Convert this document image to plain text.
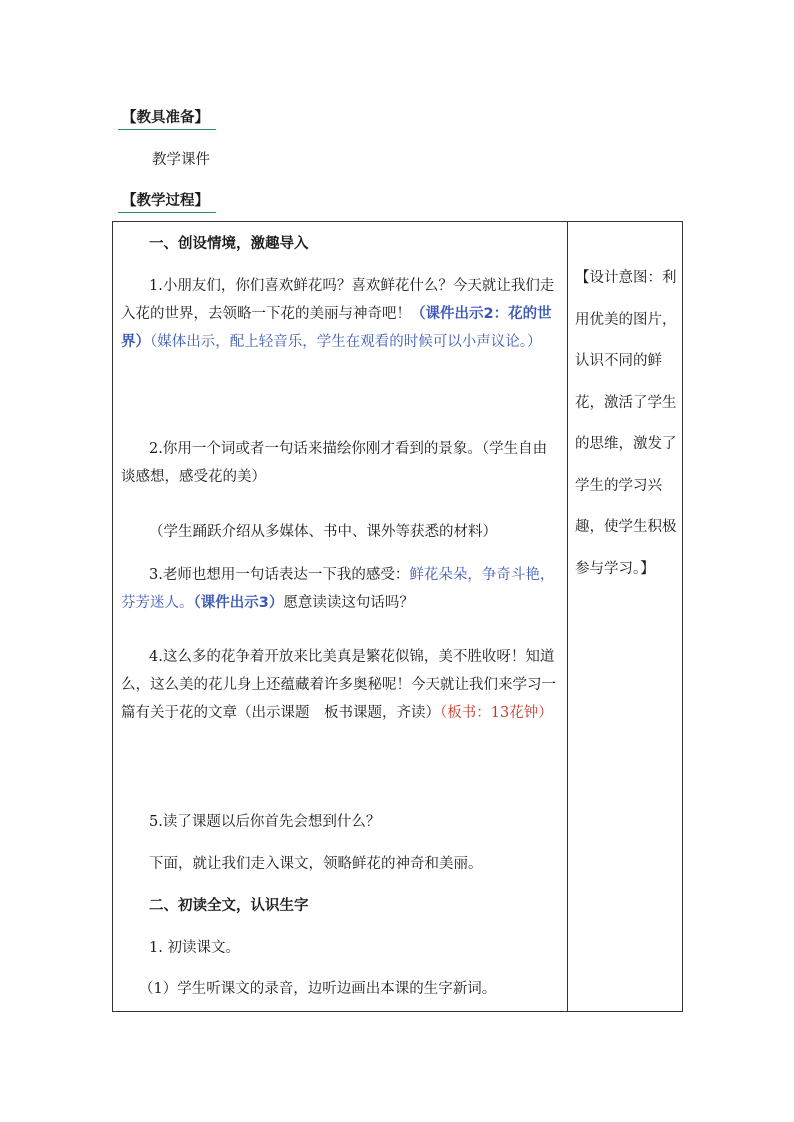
【教具准备】
教学课件
【教学过程】
一、创设情境，激趣导入
1.小朋友们，你们喜欢鲜花吗？喜欢鲜花什么？今天就让我们走入花的世界，去领略一下花的美丽与神奇吧！（课件出示2：花的世界）（媒体出示，配上轻音乐，学生在观看的时候可以小声议论。）
2.你用一个词或者一句话来描绘你刚才看到的景象。（学生自由谈感想，感受花的美）
（学生踊跃介绍从多媒体、书中、课外等获悉的材料）
3.老师也想用一句话表达一下我的感受：鲜花朵朵，争奇斗艳，芬芳迷人。（课件出示3）愿意读读这句话吗？
4.这么多的花争着开放来比美真是繁花似锦，美不胜收呀！知道么，这么美的花儿身上还蕴藏着许多奥秘呢！今天就让我们来学习一篇有关于花的文章（出示课题　板书课题，齐读）（板书：13花钟）
5.读了课题以后你首先会想到什么？
下面，就让我们走入课文，领略鲜花的神奇和美丽。
二、初读全文，认识生字
1. 初读课文。
（1）学生听课文的录音，边听边画出本课的生字新词。
【设计意图：利用优美的图片，认识不同的鲜花，激活了学生的思维，激发了学生的学习兴趣，使学生积极参与学习。】
